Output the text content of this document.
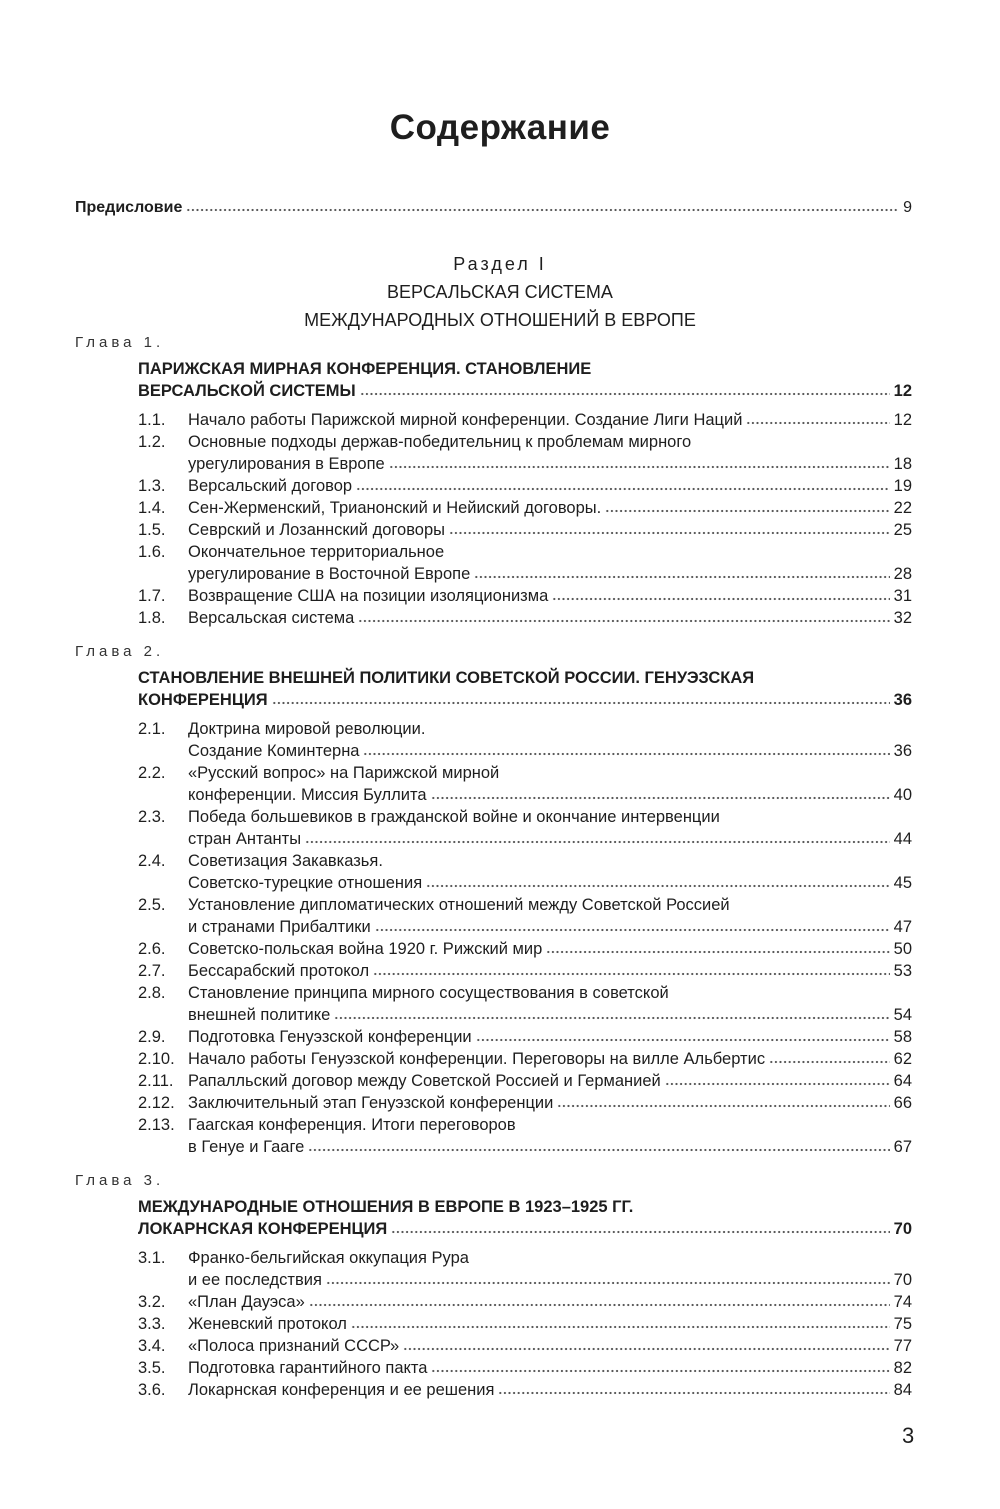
Содержание
Предисловие	9
Раздел I
ВЕРСАЛЬСКАЯ СИСТЕМА
МЕЖДУНАРОДНЫХ ОТНОШЕНИЙ В ЕВРОПЕ
Глава 1.
ПАРИЖСКАЯ МИРНАЯ КОНФЕРЕНЦИЯ. СТАНОВЛЕНИЕ
ВЕРСАЛЬСКОЙ СИСТЕМЫ	12
1.1.	Начало работы Парижской мирной конференции. Создание Лиги Наций	12
1.2.	Основные подходы держав-победительниц к проблемам мирного
урегулирования в Европе	18
1.3.	Версальский договор	19
1.4.	Сен-Жерменский, Трианонский и Нейиский договоры.	22
1.5.	Севрский и Лозаннский договоры	25
1.6.	Окончательное территориальное
урегулирование в Восточной Европе	28
1.7.	Возвращение США на позиции изоляционизма	31
1.8.	Версальская система	32
Глава 2.
СТАНОВЛЕНИЕ ВНЕШНЕЙ ПОЛИТИКИ СОВЕТСКОЙ РОССИИ. ГЕНУЭЗСКАЯ
КОНФЕРЕНЦИЯ	36
2.1.	Доктрина мировой революции.
Создание Коминтерна	36
2.2.	«Русский вопрос» на Парижской мирной
конференции. Миссия Буллита	40
2.3.	Победа большевиков в гражданской войне и окончание интервенции
стран Антанты	44
2.4.	Советизация Закавказья.
Советско-турецкие отношения	45
2.5.	Установление дипломатических отношений между Советской Россией
и странами Прибалтики	47
2.6.	Советско-польская война 1920 г. Рижский мир	50
2.7.	Бессарабский протокол	53
2.8.	Становление принципа мирного сосуществования в советской
внешней политике	54
2.9.	Подготовка Генуэзской конференции	58
2.10. Начало работы Генуэзской конференции. Переговоры на вилле Альбертис	62
2.11. Рапалльский договор между Советской Россией и Германией	64
2.12. Заключительный этап Генуэзской конференции	66
2.13. Гаагская конференция. Итоги переговоров
в Генуе и Гааге	67
Глава 3.
МЕЖДУНАРОДНЫЕ ОТНОШЕНИЯ В ЕВРОПЕ В 1923–1925 ГГ.
ЛОКАРНСКАЯ КОНФЕРЕНЦИЯ	70
3.1.	Франко-бельгийская оккупация Рура
и ее последствия	70
3.2.	«План Дауэса»	74
3.3.	Женевский протокол	75
3.4.	«Полоса признаний СССР»	77
3.5.	Подготовка гарантийного пакта	82
3.6.	Локарнская конференция и ее решения	84
3
